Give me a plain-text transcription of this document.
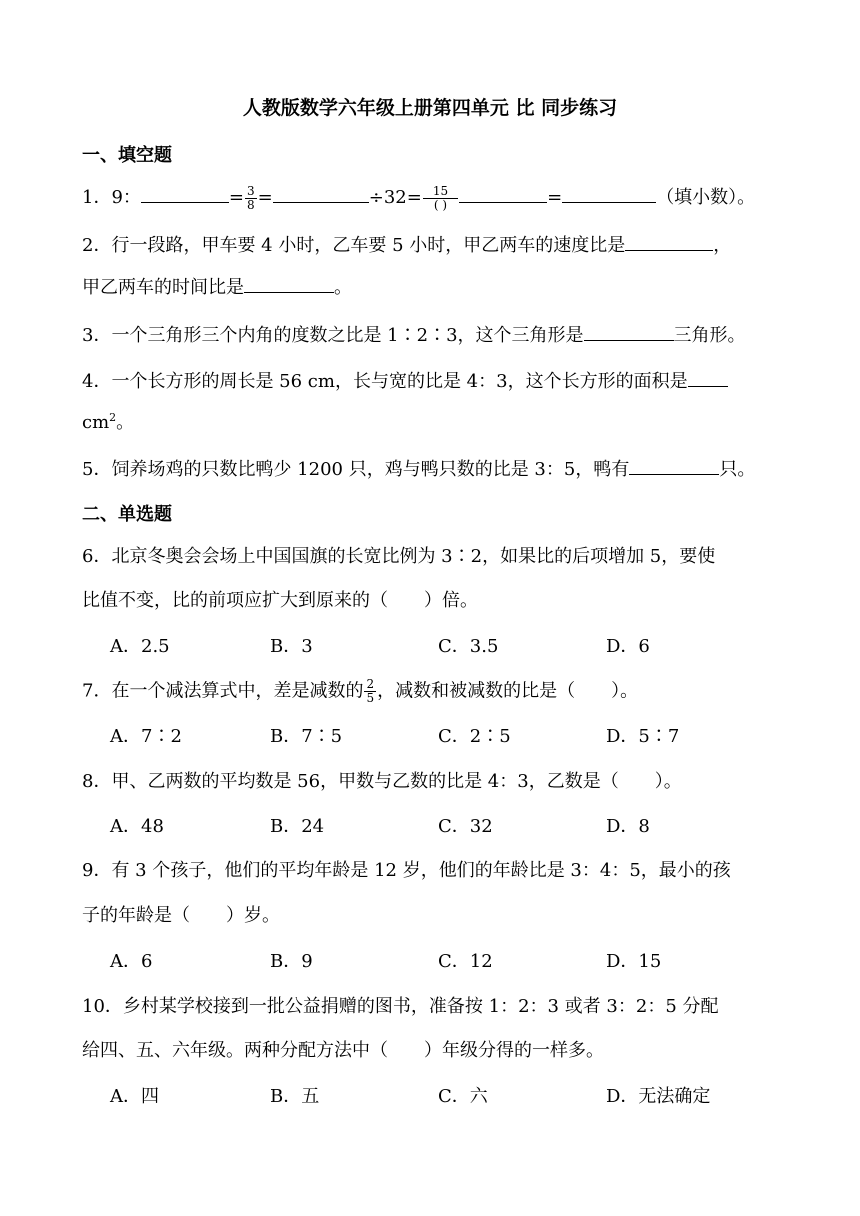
人教版数学六年级上册第四单元 比 同步练习
一、填空题
1．9：	= $\frac{3}{8}$ =	$\div 32= \frac{15}{( )}$	=	（填小数）。
2．行一段路，甲车要 4 小时，乙车要 5 小时，甲乙两车的速度比是	，
甲乙两车的时间比是	。
3．一个三角形三个内角的度数之比是 1∶2∶3，这个三角形是	三角形。
4．一个长方形的周长是 56 cm，长与宽的比是 4：3，这个长方形的面积是
$cm^2$。
5．饲养场鸡的只数比鸭少 1200 只，鸡与鸭只数的比是 3：5，鸭有	只。
二、单选题
6．北京冬奥会会场上中国国旗的长宽比例为 3∶2，如果比的后项增加 5，要使
比值不变，比的前项应扩大到原来的（　　）倍。
A．2.5	B．3	C．3.5	D．6
7．在一个减法算式中，差是减数的 $\frac{2}{5}$ ，减数和被减数的比是（　　）。
A．7∶2	B．7∶5	C．2∶5	D．5∶7
8．甲、乙两数的平均数是 56，甲数与乙数的比是 4：3，乙数是（　　）。
A．48	B．24	C．32	D．8
9．有 3 个孩子，他们的平均年龄是 12 岁，他们的年龄比是 3：4：5，最小的孩
子的年龄是（　　）岁。
A．6	B．9	C．12	D．15
10．乡村某学校接到一批公益捐赠的图书，准备按 1：2：3 或者 3：2：5 分配
给四、五、六年级。两种分配方法中（　　）年级分得的一样多。
A．四	B．五	C．六	D．无法确定
